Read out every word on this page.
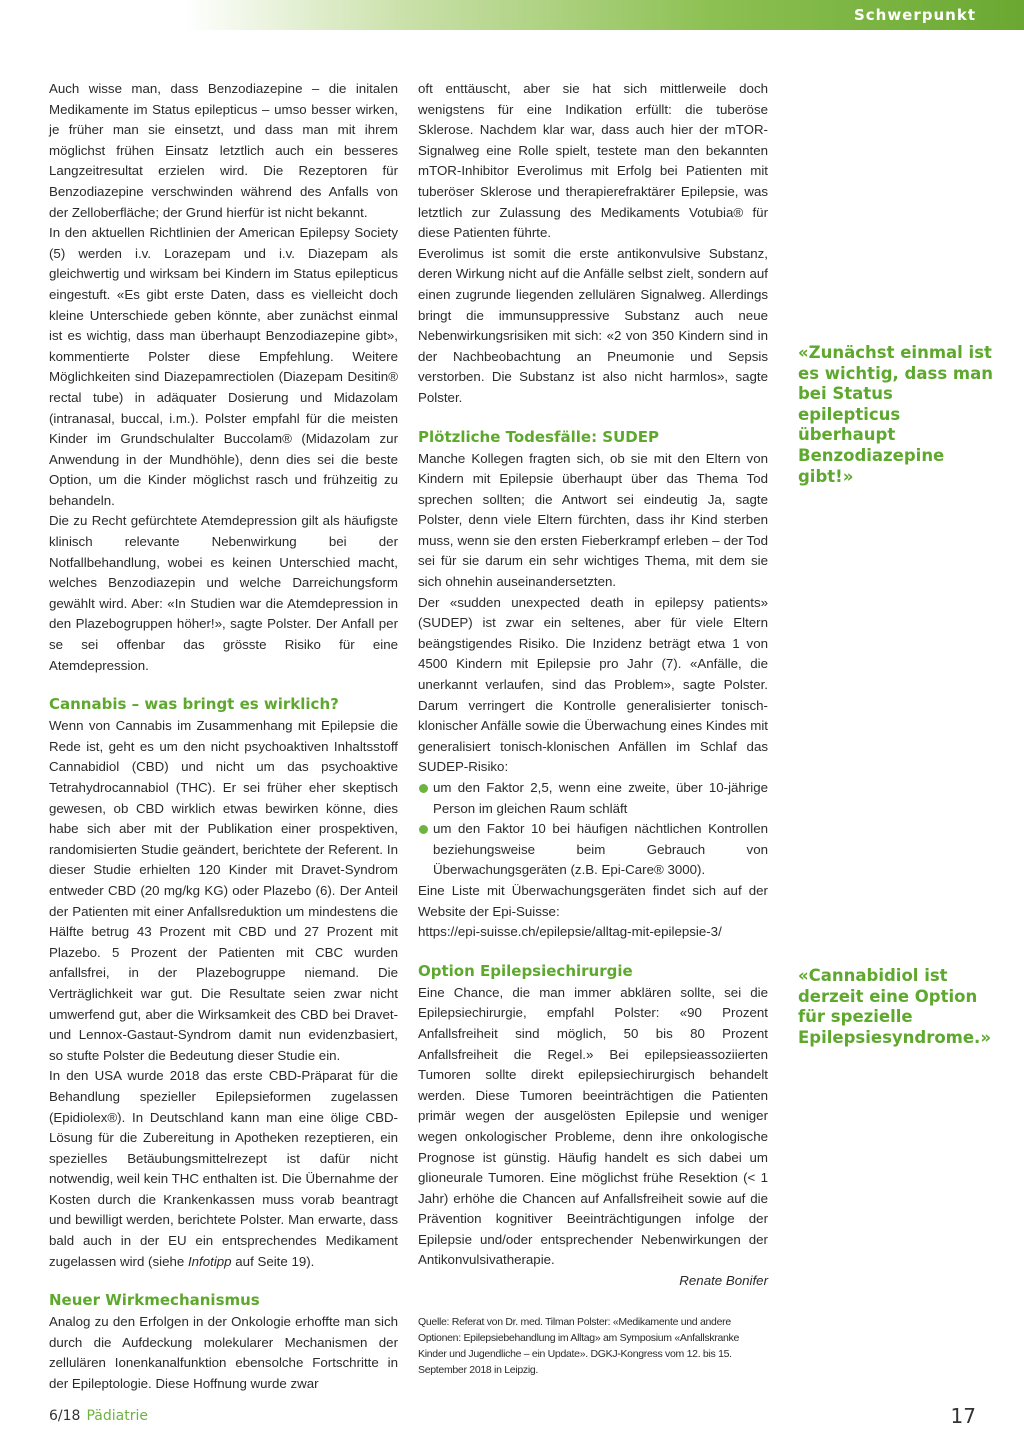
Schwerpunkt

Auch wisse man, dass Benzodiazepine – die initalen Medikamente im Status epilepticus – umso besser wirken, je früher man sie einsetzt, und dass man mit ihrem möglichst frühen Einsatz letztlich auch ein besseres Langzeitresultat erzielen wird. Die Rezeptoren für Benzodiazepine verschwinden während des Anfalls von der Zelloberfläche; der Grund hierfür ist nicht bekannt.

In den aktuellen Richtlinien der American Epilepsy Society (5) werden i.v. Lorazepam und i.v. Diazepam als gleichwertig und wirksam bei Kindern im Status epilepticus eingestuft. «Es gibt erste Daten, dass es vielleicht doch kleine Unterschiede geben könnte, aber zunächst einmal ist es wichtig, dass man überhaupt Benzodiazepine gibt», kommentierte Polster diese Empfehlung. Weitere Möglichkeiten sind Diazepamrectiolen (Diazepam Desitin® rectal tube) in adäquater Dosierung und Midazolam (intranasal, buccal, i.m.). Polster empfahl für die meisten Kinder im Grundschulalter Buccolam® (Midazolam zur Anwendung in der Mundhöhle), denn dies sei die beste Option, um die Kinder möglichst rasch und frühzeitig zu behandeln.

Die zu Recht gefürchtete Atemdepression gilt als häufigste klinisch relevante Nebenwirkung bei der Notfallbehandlung, wobei es keinen Unterschied macht, welches Benzodiazepin und welche Darreichungsform gewählt wird. Aber: «In Studien war die Atemdepression in den Plazebogruppen höher!», sagte Polster. Der Anfall per se sei offenbar das grösste Risiko für eine Atemdepression.

Cannabis – was bringt es wirklich?

Wenn von Cannabis im Zusammenhang mit Epilepsie die Rede ist, geht es um den nicht psychoaktiven Inhaltsstoff Cannabidiol (CBD) und nicht um das psychoaktive Tetrahydrocannabiol (THC). Er sei früher eher skeptisch gewesen, ob CBD wirklich etwas bewirken könne, dies habe sich aber mit der Publikation einer prospektiven, randomisierten Studie geändert, berichtete der Referent. In dieser Studie erhielten 120 Kinder mit Dravet-Syndrom entweder CBD (20 mg/kg KG) oder Plazebo (6). Der Anteil der Patienten mit einer Anfallsreduktion um mindestens die Hälfte betrug 43 Prozent mit CBD und 27 Prozent mit Plazebo. 5 Prozent der Patienten mit CBC wurden anfallsfrei, in der Plazebogruppe niemand. Die Verträglichkeit war gut. Die Resultate seien zwar nicht umwerfend gut, aber die Wirksamkeit des CBD bei Dravet-und Lennox-Gastaut-Syndrom damit nun evidenzbasiert, so stufte Polster die Bedeutung dieser Studie ein.

In den USA wurde 2018 das erste CBD-Präparat für die Behandlung spezieller Epilepsieformen zugelassen (Epidiolex®). In Deutschland kann man eine ölige CBD-Lösung für die Zubereitung in Apotheken rezeptieren, ein spezielles Betäubungsmittelrezept ist dafür nicht notwendig, weil kein THC enthalten ist. Die Übernahme der Kosten durch die Krankenkassen muss vorab beantragt und bewilligt werden, berichtete Polster. Man erwarte, dass bald auch in der EU ein entsprechendes Medikament zugelassen wird (siehe Infotipp auf Seite 19).

Neuer Wirkmechanismus

Analog zu den Erfolgen in der Onkologie erhoffte man sich durch die Aufdeckung molekularer Mechanismen der zellulären Ionenkanalfunktion ebensolche Fortschritte in der Epileptologie. Diese Hoffnung wurde zwar

oft enttäuscht, aber sie hat sich mittlerweile doch wenigstens für eine Indikation erfüllt: die tuberöse Sklerose. Nachdem klar war, dass auch hier der mTOR-Signalweg eine Rolle spielt, testete man den bekannten mTOR-Inhibitor Everolimus mit Erfolg bei Patienten mit tuberöser Sklerose und therapierefraktärer Epilepsie, was letztlich zur Zulassung des Medikaments Votubia® für diese Patienten führte.

Everolimus ist somit die erste antikonvulsive Substanz, deren Wirkung nicht auf die Anfälle selbst zielt, sondern auf einen zugrunde liegenden zellulären Signalweg. Allerdings bringt die immunsuppressive Substanz auch neue Nebenwirkungsrisiken mit sich: «2 von 350 Kindern sind in der Nachbeobachtung an Pneumonie und Sepsis verstorben. Die Substanz ist also nicht harmlos», sagte Polster.

Plötzliche Todesfälle: SUDEP

Manche Kollegen fragten sich, ob sie mit den Eltern von Kindern mit Epilepsie überhaupt über das Thema Tod sprechen sollten; die Antwort sei eindeutig Ja, sagte Polster, denn viele Eltern fürchten, dass ihr Kind sterben muss, wenn sie den ersten Fieberkrampf erleben – der Tod sei für sie darum ein sehr wichtiges Thema, mit dem sie sich ohnehin auseinandersetzten.

Der «sudden unexpected death in epilepsy patients» (SUDEP) ist zwar ein seltenes, aber für viele Eltern beängstigendes Risiko. Die Inzidenz beträgt etwa 1 von 4500 Kindern mit Epilepsie pro Jahr (7). «Anfälle, die unerkannt verlaufen, sind das Problem», sagte Polster. Darum verringert die Kontrolle generalisierter tonisch-klonischer Anfälle sowie die Überwachung eines Kindes mit generalisiert tonisch-klonischen Anfällen im Schlaf das SUDEP-Risiko:

um den Faktor 2,5, wenn eine zweite, über 10-jährige Person im gleichen Raum schläft

um den Faktor 10 bei häufigen nächtlichen Kontrollen beziehungsweise beim Gebrauch von Überwachungsgeräten (z.B. Epi-Care® 3000).

Eine Liste mit Überwachungsgeräten findet sich auf der Website der Epi-Suisse:

https://epi-suisse.ch/epilepsie/alltag-mit-epilepsie-3/

Option Epilepsiechirurgie

Eine Chance, die man immer abklären sollte, sei die Epilepsiechirurgie, empfahl Polster: «90 Prozent Anfallsfreiheit sind möglich, 50 bis 80 Prozent Anfallsfreiheit die Regel.» Bei epilepsieassoziierten Tumoren sollte direkt epilepsiechirurgisch behandelt werden. Diese Tumoren beeinträchtigen die Patienten primär wegen der ausgelösten Epilepsie und weniger wegen onkologischer Probleme, denn ihre onkologische Prognose ist günstig. Häufig handelt es sich dabei um glioneurale Tumoren. Eine möglichst frühe Resektion (< 1 Jahr) erhöhe die Chancen auf Anfallsfreiheit sowie auf die Prävention kognitiver Beeinträchtigungen infolge der Epilepsie und/oder entsprechender Nebenwirkungen der Antikonvulsivatherapie.

Renate Bonifer

Quelle: Referat von Dr. med. Tilman Polster: «Medikamente und andere Optionen: Epilepsiebehandlung im Alltag» am Symposium «Anfallskranke Kinder und Jugendliche – ein Update». DGKJ-Kongress vom 12. bis 15. September 2018 in Leipzig.

«Zunächst einmal ist es wichtig, dass man bei Status epilepticus überhaupt Benzodiazepine gibt!»
«Cannabidiol ist derzeit eine Option für spezielle Epilepsiesyndrome.»
6/18 Pädiatrie	17
